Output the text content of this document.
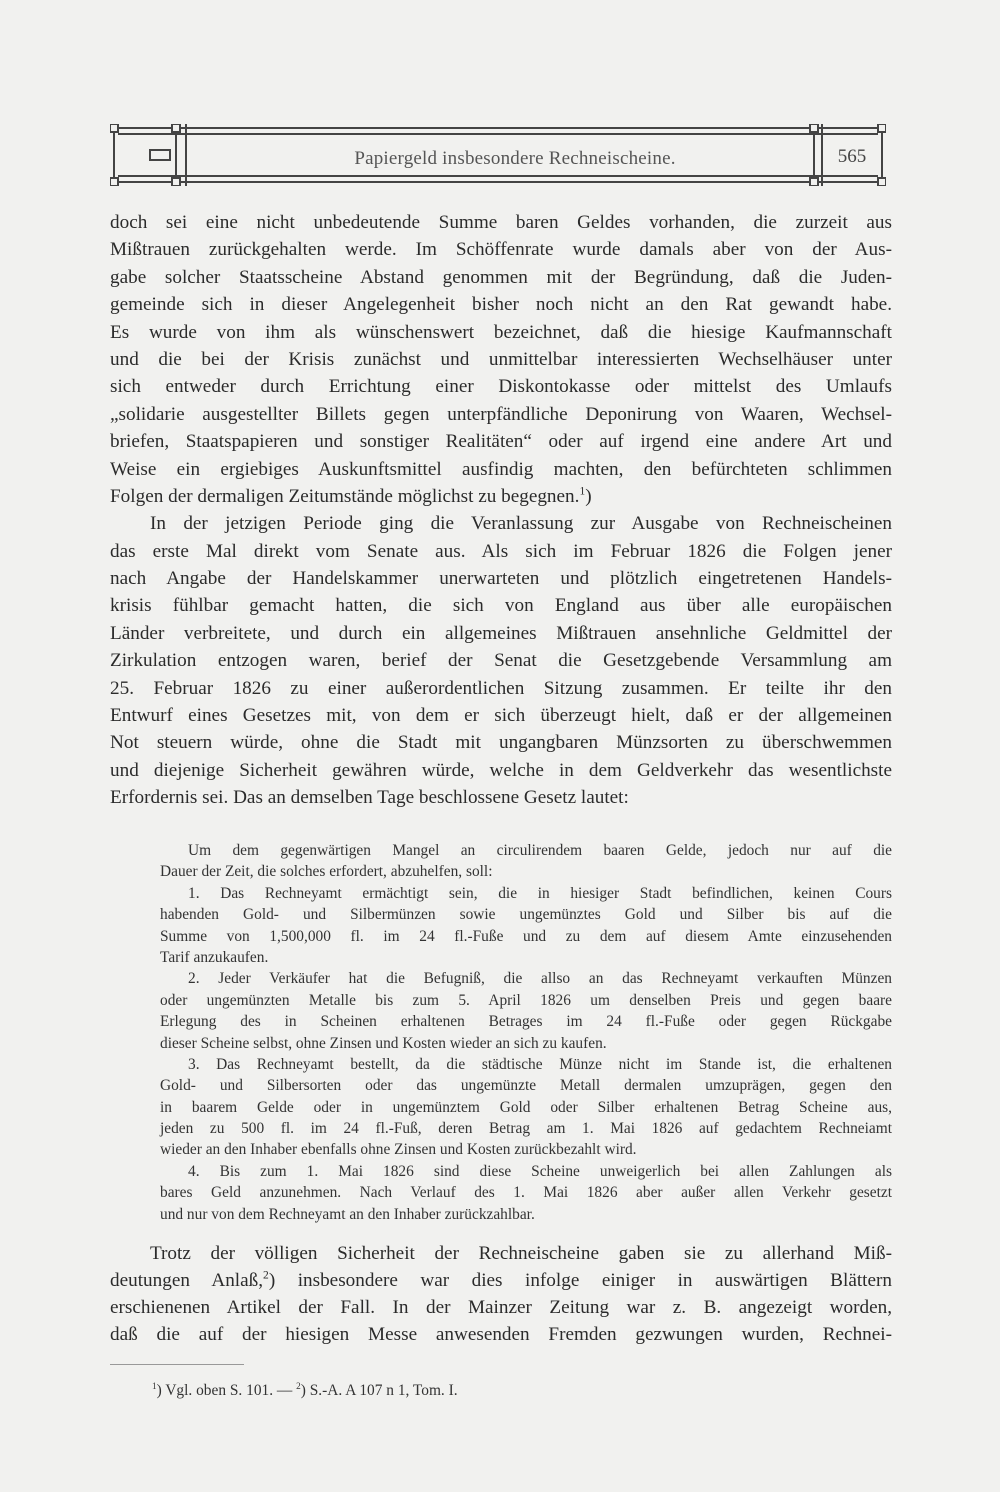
Papiergeld insbesondere Rechneischeine.	565
doch sei eine nicht unbedeutende Summe baren Geldes vorhanden, die zurzeit aus
Mißtrauen zurückgehalten werde. Im Schöffenrate wurde damals aber von der Aus-
gabe solcher Staatsscheine Abstand genommen mit der Begründung, daß die Juden-
gemeinde sich in dieser Angelegenheit bisher noch nicht an den Rat gewandt habe.
Es wurde von ihm als wünschenswert bezeichnet, daß die hiesige Kaufmannschaft
und die bei der Krisis zunächst und unmittelbar interessierten Wechselhäuser unter
sich entweder durch Errichtung einer Diskontokasse oder mittelst des Umlaufs
„solidarie ausgestellter Billets gegen unterpfändliche Deponirung von Waaren, Wechsel-
briefen, Staatspapieren und sonstiger Realitäten“ oder auf irgend eine andere Art und
Weise ein ergiebiges Auskunftsmittel ausfindig machten, den befürchteten schlimmen
Folgen der dermaligen Zeitumstände möglichst zu begegnen.$^1$)
In der jetzigen Periode ging die Veranlassung zur Ausgabe von Rechneischeinen
das erste Mal direkt vom Senate aus. Als sich im Februar 1826 die Folgen jener
nach Angabe der Handelskammer unerwarteten und plötzlich eingetretenen Handels-
krisis fühlbar gemacht hatten, die sich von England aus über alle europäischen
Länder verbreitete, und durch ein allgemeines Mißtrauen ansehnliche Geldmittel der
Zirkulation entzogen waren, berief der Senat die Gesetzgebende Versammlung am
25. Februar 1826 zu einer außerordentlichen Sitzung zusammen. Er teilte ihr den
Entwurf eines Gesetzes mit, von dem er sich überzeugt hielt, daß er der allgemeinen
Not steuern würde, ohne die Stadt mit ungangbaren Münzsorten zu überschwemmen
und diejenige Sicherheit gewähren würde, welche in dem Geldverkehr das wesentlichste
Erfordernis sei. Das an demselben Tage beschlossene Gesetz lautet:
Um dem gegenwärtigen Mangel an circulirendem baaren Gelde, jedoch nur auf die
Dauer der Zeit, die solches erfordert, abzuhelfen, soll:
1. Das Rechneyamt ermächtigt sein, die in hiesiger Stadt befindlichen, keinen Cours
habenden Gold- und Silbermünzen sowie ungemünztes Gold und Silber bis auf die
Summe von 1,500,000 fl. im 24 fl.-Fuße und zu dem auf diesem Amte einzusehenden
Tarif anzukaufen.
2. Jeder Verkäufer hat die Befugniß, die allso an das Rechneyamt verkauften Münzen
oder ungemünzten Metalle bis zum 5. April 1826 um denselben Preis und gegen baare
Erlegung des in Scheinen erhaltenen Betrages im 24 fl.-Fuße oder gegen Rückgabe
dieser Scheine selbst, ohne Zinsen und Kosten wieder an sich zu kaufen.
3. Das Rechneyamt bestellt, da die städtische Münze nicht im Stande ist, die erhaltenen
Gold- und Silbersorten oder das ungemünzte Metall dermalen umzuprägen, gegen den
in baarem Gelde oder in ungemünztem Gold oder Silber erhaltenen Betrag Scheine aus,
jeden zu 500 fl. im 24 fl.-Fuß, deren Betrag am 1. Mai 1826 auf gedachtem Rechneiamt
wieder an den Inhaber ebenfalls ohne Zinsen und Kosten zurückbezahlt wird.
4. Bis zum 1. Mai 1826 sind diese Scheine unweigerlich bei allen Zahlungen als
bares Geld anzunehmen. Nach Verlauf des 1. Mai 1826 aber außer allen Verkehr gesetzt
und nur von dem Rechneyamt an den Inhaber zurückzahlbar.
Trotz der völligen Sicherheit der Rechneischeine gaben sie zu allerhand Miß-
deutungen Anlaß,$^2$) insbesondere war dies infolge einiger in auswärtigen Blättern
erschienenen Artikel der Fall. In der Mainzer Zeitung war z. B. angezeigt worden,
daß die auf der hiesigen Messe anwesenden Fremden gezwungen wurden, Rechnei-
$^1$) Vgl. oben S. 101. — $^2$) S.-A. A 107 n 1, Tom. I.
